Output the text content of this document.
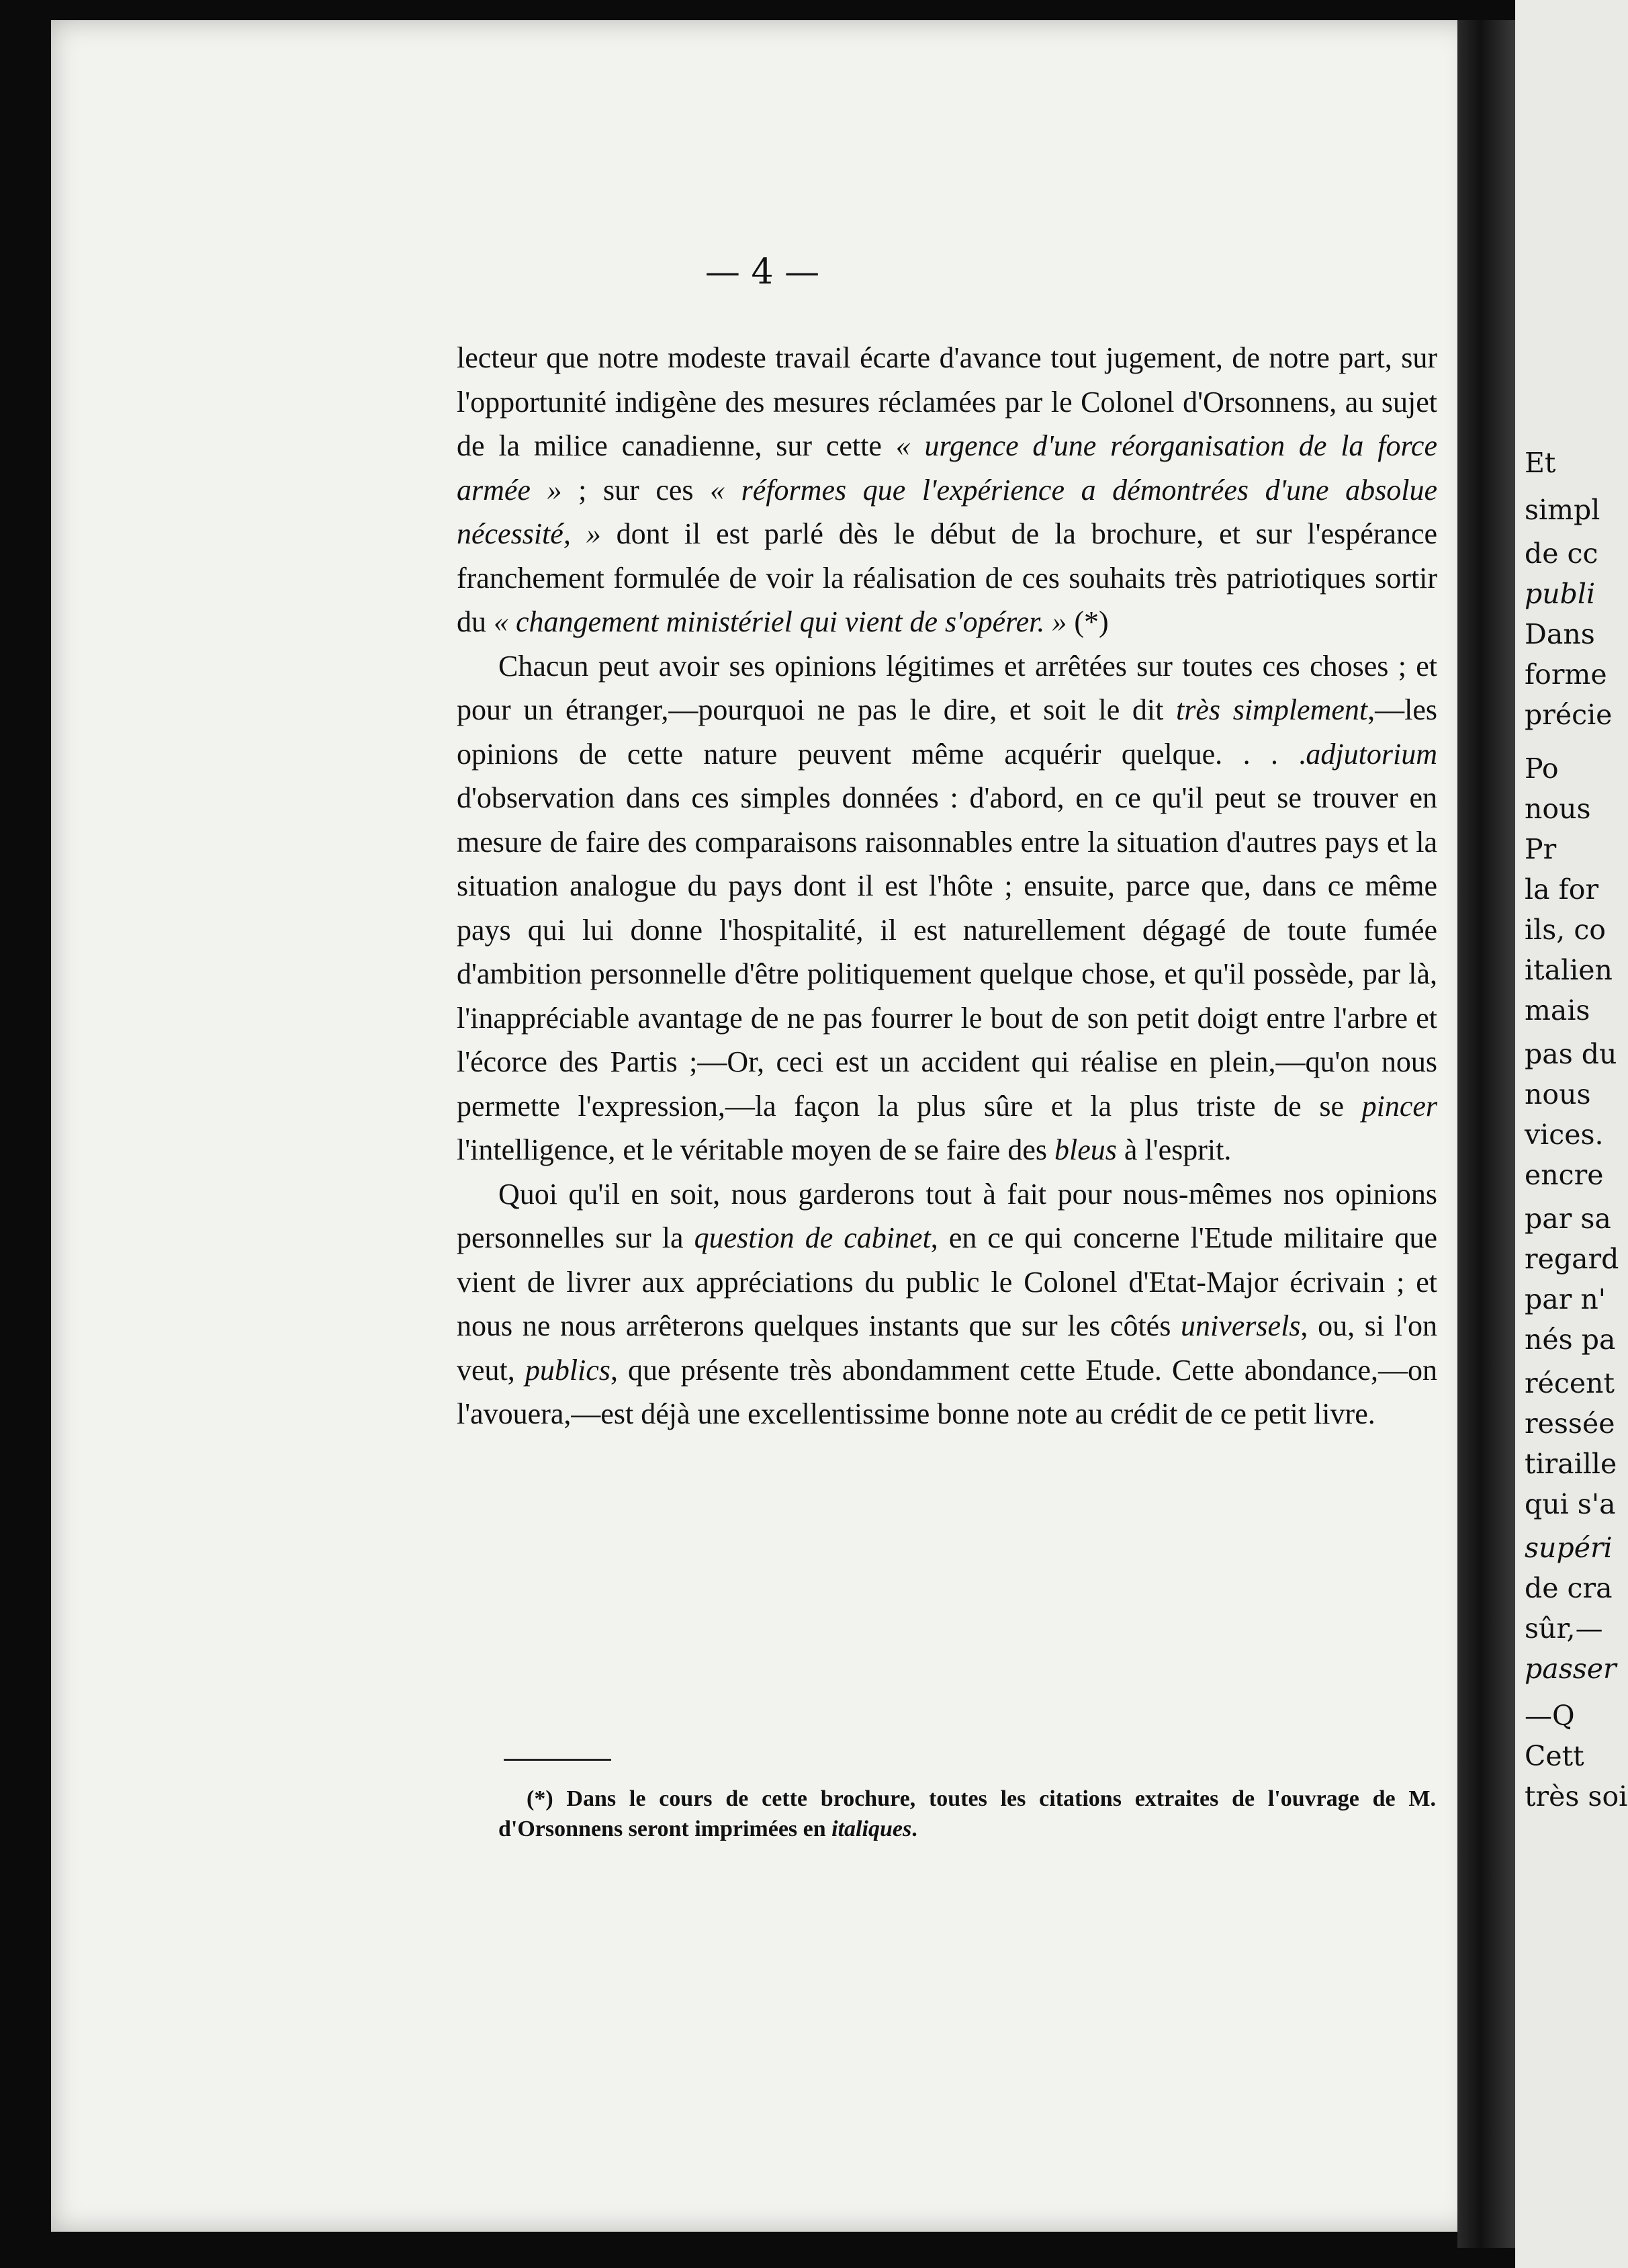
— 4 —

lecteur que notre modeste travail écarte d'avance tout jugement, de notre part, sur l'opportunité indigène des mesures réclamées par le Colonel d'Orsonnens, au sujet de la milice canadienne, sur cette « urgence d'une réorganisation de la force armée » ; sur ces « réformes que l'expérience a démontrées d'une absolue nécessité, » dont il est parlé dès le début de la brochure, et sur l'espérance franchement formulée de voir la réalisation de ces souhaits très patriotiques sortir du « changement ministériel qui vient de s'opérer. » (*)

Chacun peut avoir ses opinions légitimes et arrêtées sur toutes ces choses ; et pour un étranger,—pourquoi ne pas le dire, et soit le dit très simplement,—les opinions de cette nature peuvent même acquérir quelque. . . .adjutorium d'observation dans ces simples données : d'abord, en ce qu'il peut se trouver en mesure de faire des comparaisons raisonnables entre la situation d'autres pays et la situation analogue du pays dont il est l'hôte ; ensuite, parce que, dans ce même pays qui lui donne l'hospitalité, il est naturellement dégagé de toute fumée d'ambition personnelle d'être politiquement quelque chose, et qu'il possède, par là, l'inappréciable avantage de ne pas fourrer le bout de son petit doigt entre l'arbre et l'écorce des Partis ;—Or, ceci est un accident qui réalise en plein,—qu'on nous permette l'expression,—la façon la plus sûre et la plus triste de se pincer l'intelligence, et le véritable moyen de se faire des bleus à l'esprit.

Quoi qu'il en soit, nous garderons tout à fait pour nous-mêmes nos opinions personnelles sur la question de cabinet, en ce qui concerne l'Etude militaire que vient de livrer aux appréciations du public le Colonel d'Etat-Major écrivain ; et nous ne nous arrêterons quelques instants que sur les côtés universels, ou, si l'on veut, publics, que présente très abondamment cette Etude. Cette abondance,—on l'avouera,—est déjà une excellentissime bonne note au crédit de ce petit livre.

(*) Dans le cours de cette brochure, toutes les citations extraites de l'ouvrage de M. d'Orsonnens seront imprimées en italiques.

Et
simpl
de cc
publi
Dans
forme
précie
Po
nous
Pr
la for
ils, co
italien
mais
pas du
nous
vices.
encre
par sa
regard
par n'
nés pa
récent
ressée
tiraille
qui s'a
supéri
de cra
sûr,—
passer
—Q
Cett
très soi
